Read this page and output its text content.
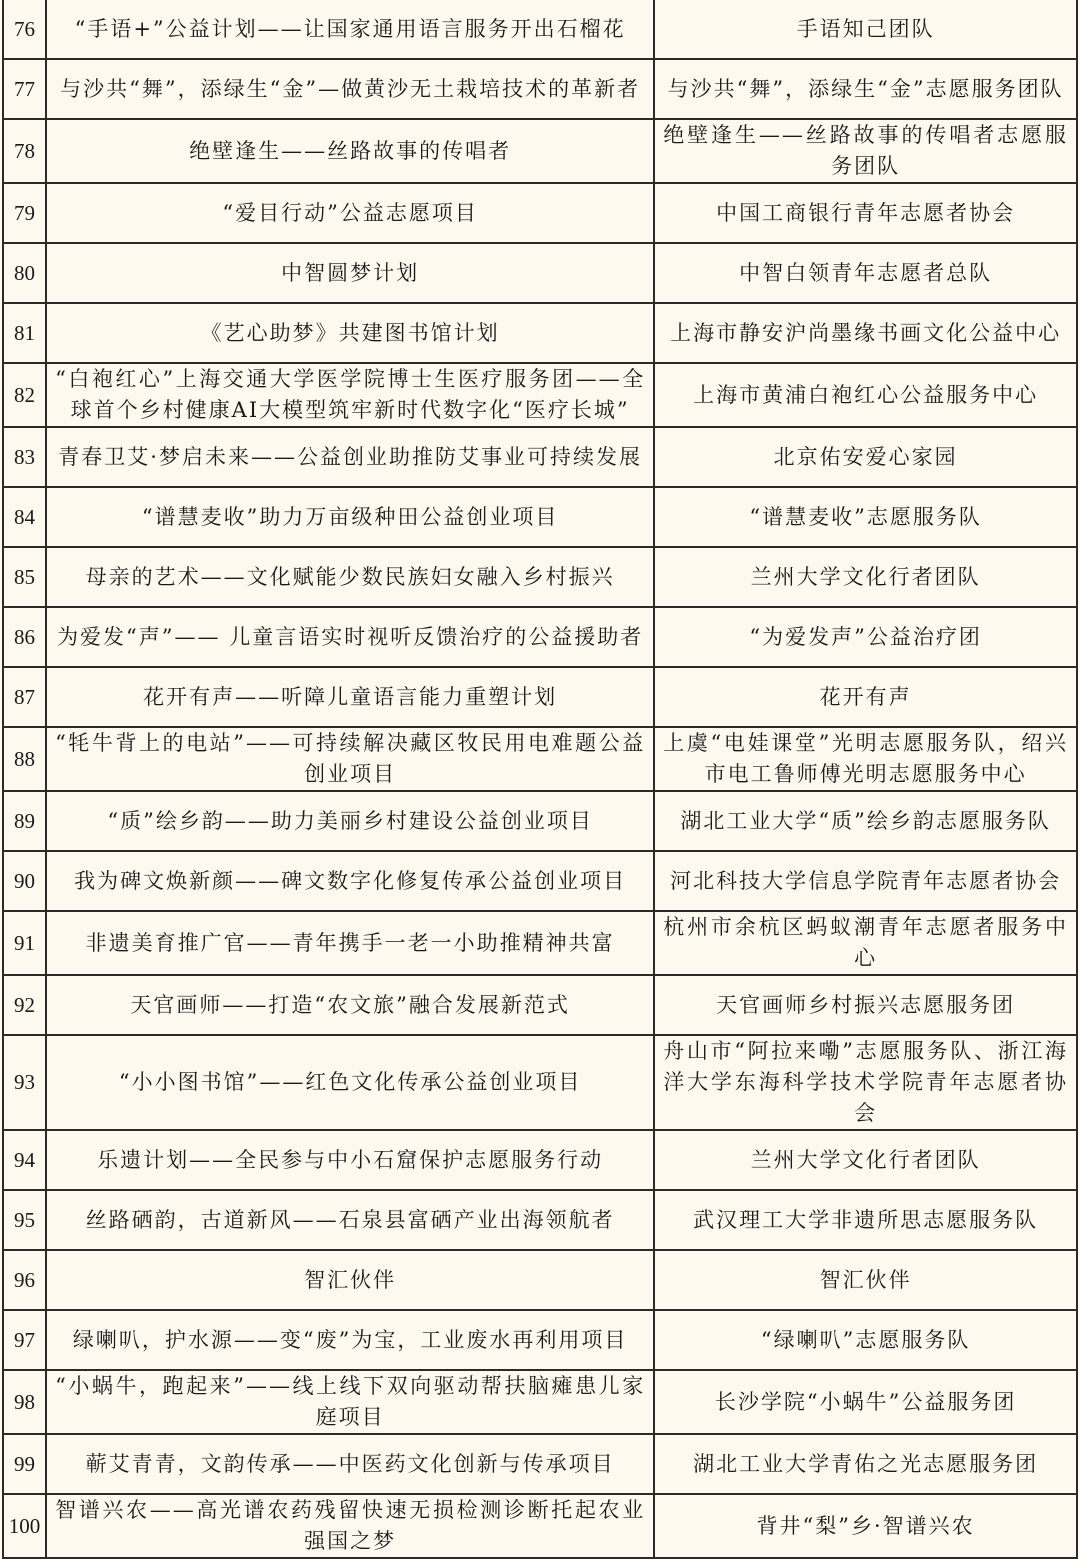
76	“手语+”公益计划——让国家通用语言服务开出石榴花	手语知己团队
77	与沙共“舞”，添绿生“金”—做黄沙无土栽培技术的革新者	与沙共“舞”，添绿生“金”志愿服务团队
78	绝壁逢生——丝路故事的传唱者	绝壁逢生——丝路故事的传唱者志愿服务团队
79	“爱目行动”公益志愿项目	中国工商银行青年志愿者协会
80	中智圆梦计划	中智白领青年志愿者总队
81	《艺心助梦》共建图书馆计划	上海市静安沪尚墨缘书画文化公益中心
82	“白袍红心”上海交通大学医学院博士生医疗服务团——全球首个乡村健康AI大模型筑牢新时代数字化“医疗长城”	上海市黄浦白袍红心公益服务中心
83	青春卫艾·梦启未来——公益创业助推防艾事业可持续发展	北京佑安爱心家园
84	“谱慧麦收”助力万亩级种田公益创业项目	“谱慧麦收”志愿服务队
85	母亲的艺术——文化赋能少数民族妇女融入乡村振兴	兰州大学文化行者团队
86	为爱发“声”—— 儿童言语实时视听反馈治疗的公益援助者	“为爱发声”公益治疗团
87	花开有声——听障儿童语言能力重塑计划	花开有声
88	“牦牛背上的电站”——可持续解决藏区牧民用电难题公益创业项目	上虞“电娃课堂”光明志愿服务队，绍兴市电工鲁师傅光明志愿服务中心
89	“质”绘乡韵——助力美丽乡村建设公益创业项目	湖北工业大学“质”绘乡韵志愿服务队
90	我为碑文焕新颜——碑文数字化修复传承公益创业项目	河北科技大学信息学院青年志愿者协会
91	非遗美育推广官——青年携手一老一小助推精神共富	杭州市余杭区蚂蚁潮青年志愿者服务中心
92	天官画师——打造“农文旅”融合发展新范式	天官画师乡村振兴志愿服务团
93	“小小图书馆”——红色文化传承公益创业项目	舟山市“阿拉来嘞”志愿服务队、浙江海洋大学东海科学技术学院青年志愿者协会
94	乐遗计划——全民参与中小石窟保护志愿服务行动	兰州大学文化行者团队
95	丝路硒韵，古道新风——石泉县富硒产业出海领航者	武汉理工大学非遗所思志愿服务队
96	智汇伙伴	智汇伙伴
97	绿喇叭，护水源——变“废”为宝，工业废水再利用项目	“绿喇叭”志愿服务队
98	“小蜗牛，跑起来”——线上线下双向驱动帮扶脑瘫患儿家庭项目	长沙学院“小蜗牛”公益服务团
99	蕲艾青青，文韵传承——中医药文化创新与传承项目	湖北工业大学青佑之光志愿服务团
100	智谱兴农——高光谱农药残留快速无损检测诊断托起农业强国之梦	背井“梨”乡·智谱兴农
